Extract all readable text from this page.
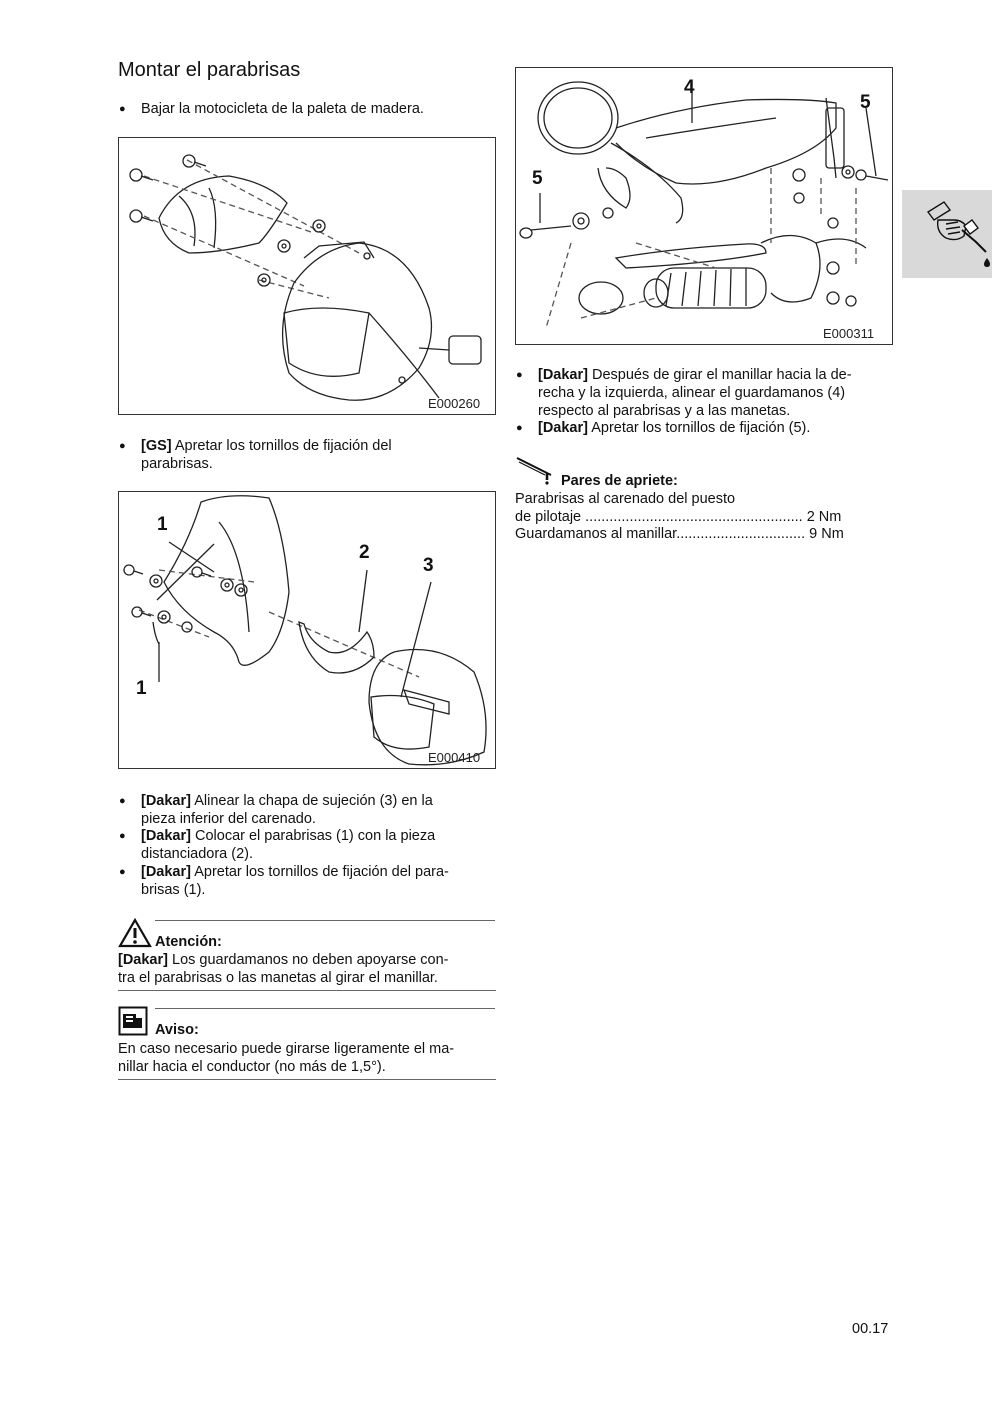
Montar el parabrisas
● Bajar la motocicleta de la paleta de madera.
E000260
● [GS] Apretar los tornillos de fijación del
parabrisas.
1
2
3
1
E000410
● [Dakar] Alinear la chapa de sujeción (3) en la
pieza inferior del carenado.
● [Dakar] Colocar el parabrisas (1) con la pieza
distanciadora (2).
● [Dakar] Apretar los tornillos de fijación del para-
brisas (1).
Atención:
[Dakar] Los guardamanos no deben apoyarse con-
tra el parabrisas o las manetas al girar el manillar.
Aviso:
En caso necesario puede girarse ligeramente el ma-
nillar hacia el conductor (no más de 1,5°).
4
5
5
E000311
● [Dakar] Después de girar el manillar hacia la de-
recha y la izquierda, alinear el guardamanos (4)
respecto al parabrisas y a las manetas.
● [Dakar] Apretar los tornillos de fijación (5).
Pares de apriete:
Parabrisas al carenado del puesto
de pilotaje ...................................................... 2 Nm
Guardamanos al manillar................................ 9 Nm
00.17
